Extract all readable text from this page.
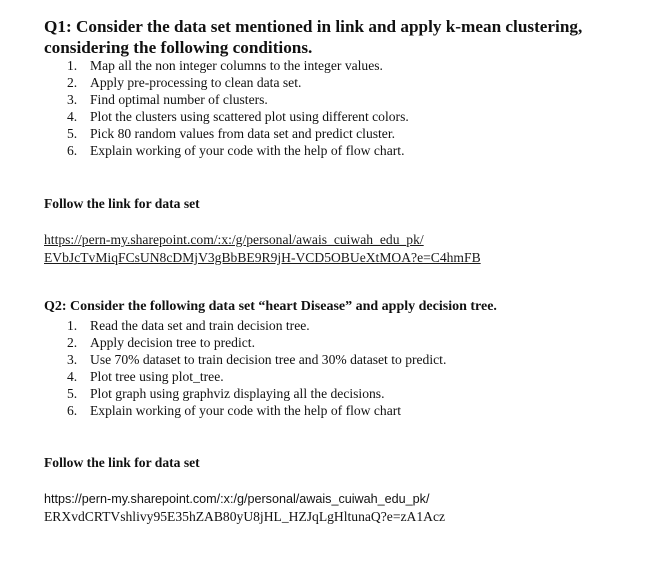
Q1: Consider the data set mentioned in link and apply k-mean clustering,
considering the following conditions.
1. Map all the non integer columns to the integer values.
2. Apply pre-processing to clean data set.
3. Find optimal number of clusters.
4. Plot the clusters using scattered plot using different colors.
5. Pick 80 random values from data set and predict cluster.
6. Explain working of your code with the help of flow chart.
Follow the link for data set
https://pern-my.sharepoint.com/:x:/g/personal/awais_cuiwah_edu_pk/
EVbJcTvMiqFCsUN8cDMjV3gBbBE9R9jH-VCD5OBUeXtMOA?e=C4hmFB
Q2: Consider the following data set “heart Disease” and apply decision tree.
1. Read the data set and train decision tree.
2. Apply decision tree to predict.
3. Use 70% dataset to train decision tree and 30% dataset to predict.
4. Plot tree using plot_tree.
5. Plot graph using graphviz displaying all the decisions.
6. Explain working of your code with the help of flow chart
Follow the link for data set
https://pern-my.sharepoint.com/:x:/g/personal/awais_cuiwah_edu_pk/
ERXvdCRTVshlivy95E35hZAB80yU8jHL_HZJqLgHltunaQ?e=zA1Acz
